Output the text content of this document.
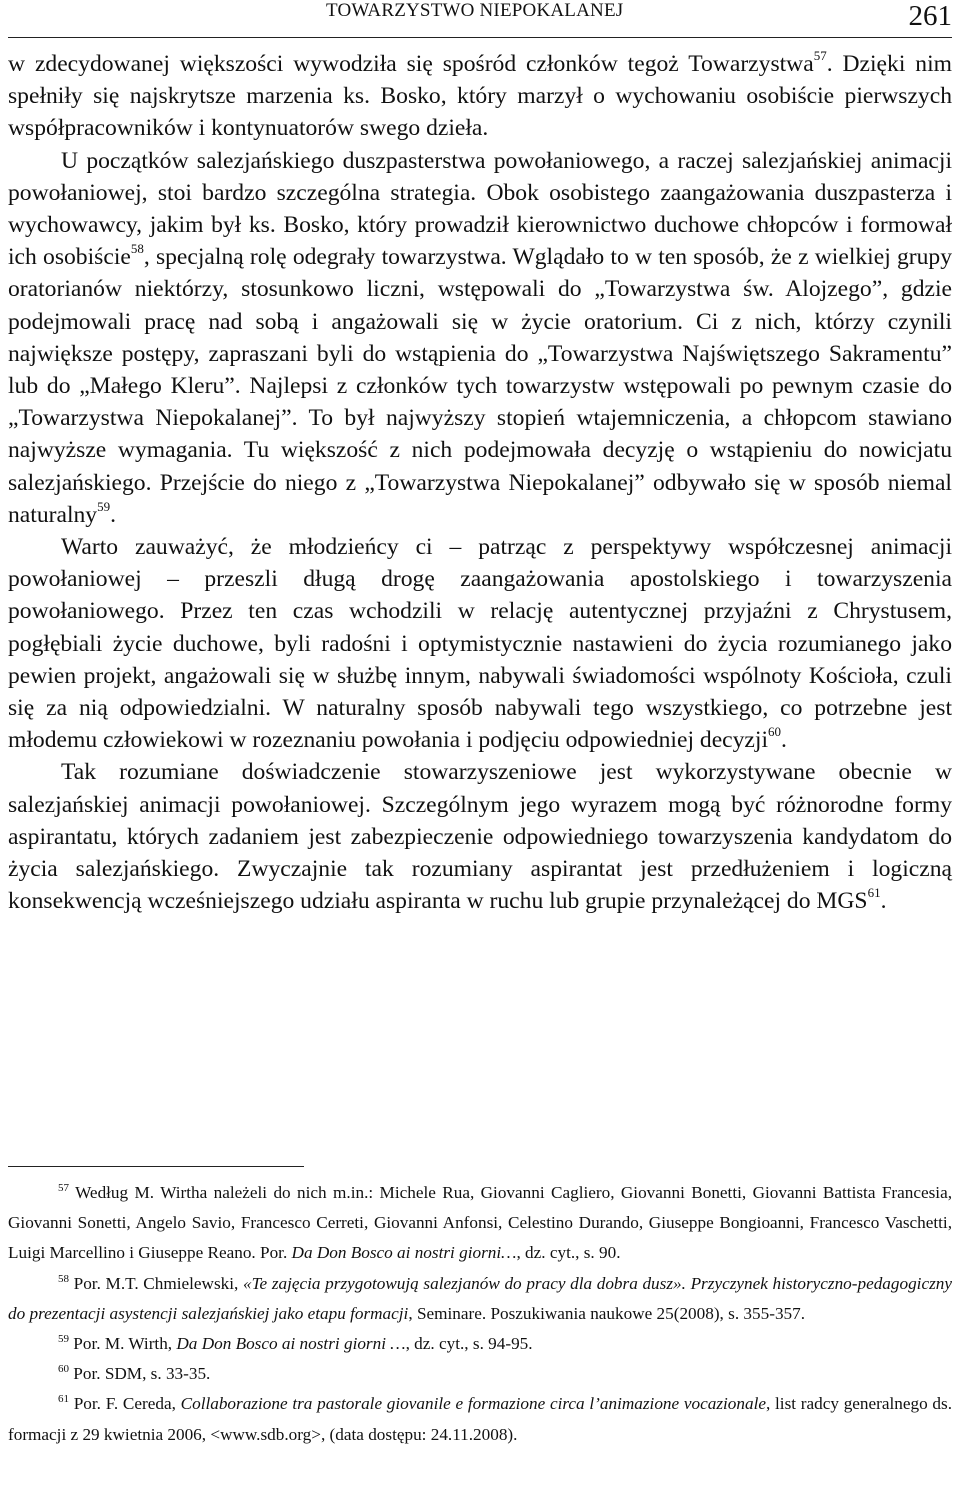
TOWARZYSTWO NIEPOKALANEJ	261

w zdecydowanej większości wywodziła się spośród członków tegoż Towarzystwa$^{57}$. Dzięki nim spełniły się najskrytsze marzenia ks. Bosko, który marzył o wychowaniu osobiście pierwszych współpracowników i kontynuatorów swego dzieła.

U początków salezjańskiego duszpasterstwa powołaniowego, a raczej salezjańskiej animacji powołaniowej, stoi bardzo szczególna strategia. Obok osobistego zaangażowania duszpasterza i wychowawcy, jakim był ks. Bosko, który prowadził kierownictwo duchowe chłopców i formował ich osobiście$^{58}$, specjalną rolę odegrały towarzystwa. Wglądało to w ten sposób, że z wielkiej grupy oratorianów niektórzy, stosunkowo liczni, wstępowali do „Towarzystwa św. Alojzego”, gdzie podejmowali pracę nad sobą i angażowali się w życie oratorium. Ci z nich, którzy czynili największe postępy, zapraszani byli do wstąpienia do „Towarzystwa Najświętszego Sakramentu” lub do „Małego Kleru”. Najlepsi z członków tych towarzystw wstępowali po pewnym czasie do „Towarzystwa Niepokalanej”. To był najwyższy stopień wtajemniczenia, a chłopcom stawiano najwyższe wymagania. Tu większość z nich podejmowała decyzję o wstąpieniu do nowicjatu salezjańskiego. Przejście do niego z „Towarzystwa Niepokalanej” odbywało się w sposób niemal naturalny$^{59}$.

Warto zauważyć, że młodzieńcy ci – patrząc z perspektywy współczesnej animacji powołaniowej – przeszli długą drogę zaangażowania apostolskiego i towarzyszenia powołaniowego. Przez ten czas wchodzili w relację autentycznej przyjaźni z Chrystusem, pogłębiali życie duchowe, byli radośni i optymistycznie nastawieni do życia rozumianego jako pewien projekt, angażowali się w służbę innym, nabywali świadomości wspólnoty Kościoła, czuli się za nią odpowiedzialni. W naturalny sposób nabywali tego wszystkiego, co potrzebne jest młodemu człowiekowi w rozeznaniu powołania i podjęciu odpowiedniej decyzji$^{60}$.

Tak rozumiane doświadczenie stowarzyszeniowe jest wykorzystywane obecnie w salezjańskiej animacji powołaniowej. Szczególnym jego wyrazem mogą być różnorodne formy aspirantatu, których zadaniem jest zabezpieczenie odpowiedniego towarzyszenia kandydatom do życia salezjańskiego. Zwyczajnie tak rozumiany aspirantat jest przedłużeniem i logiczną konsekwencją wcześniejszego udziału aspiranta w ruchu lub grupie przynależącej do MGS$^{61}$.

$^{57}$ Według M. Wirtha należeli do nich m.in.: Michele Rua, Giovanni Cagliero, Giovanni Bonetti, Giovanni Battista Francesia, Giovanni Sonetti, Angelo Savio, Francesco Cerreti, Giovanni Anfonsi, Celestino Durando, Giuseppe Bongioanni, Francesco Vaschetti, Luigi Marcellino i Giuseppe Reano. Por. Da Don Bosco ai nostri giorni…, dz. cyt., s. 90.

$^{58}$ Por. M.T. Chmielewski, «Te zajęcia przygotowują salezjanów do pracy dla dobra dusz». Przyczynek historyczno-pedagogiczny do prezentacji asystencji salezjańskiej jako etapu formacji, Seminare. Poszukiwania naukowe 25(2008), s. 355-357.

$^{59}$ Por. M. Wirth, Da Don Bosco ai nostri giorni …, dz. cyt., s. 94-95.

$^{60}$ Por. SDM, s. 33-35.

$^{61}$ Por. F. Cereda, Collaborazione tra pastorale giovanile e formazione circa l’animazione vocazionale, list radcy generalnego ds. formacji z 29 kwietnia 2006, <www.sdb.org>, (data dostępu: 24.11.2008).
